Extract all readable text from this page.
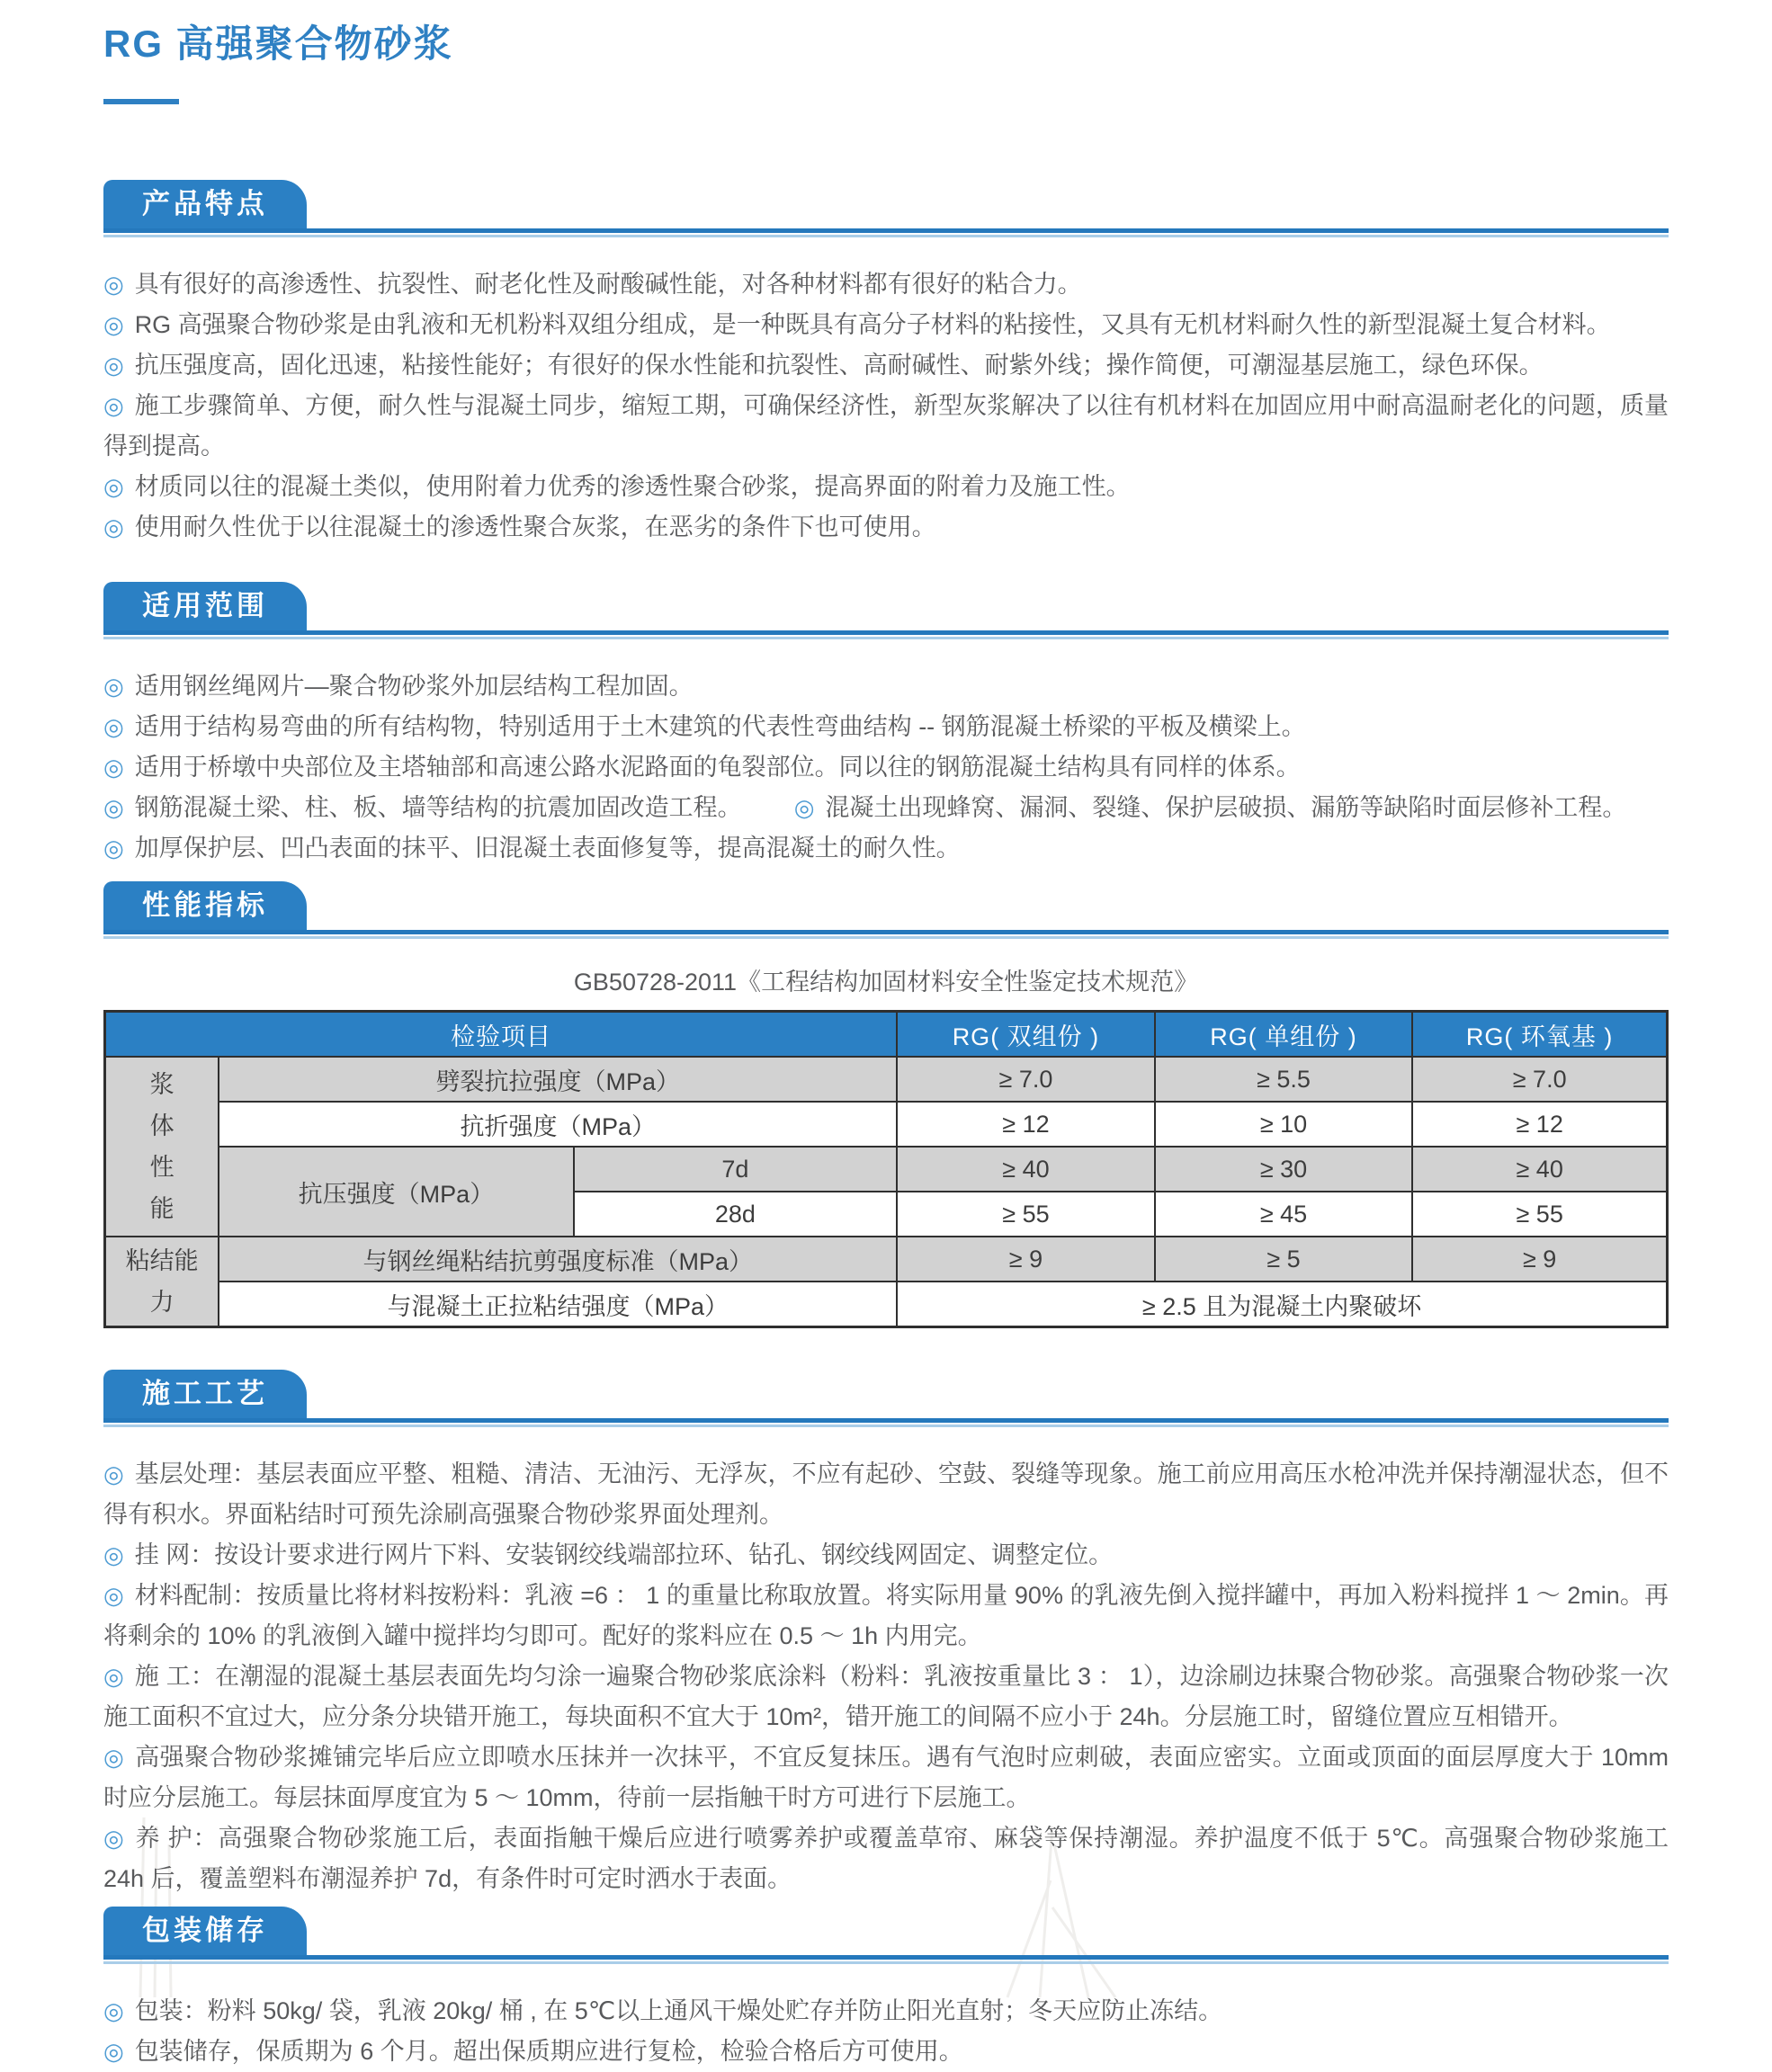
RG 高强聚合物砂浆
产品特点
◎ 具有很好的高渗透性、抗裂性、耐老化性及耐酸碱性能，对各种材料都有很好的粘合力。
◎ RG 高强聚合物砂浆是由乳液和无机粉料双组分组成，是一种既具有高分子材料的粘接性，又具有无机材料耐久性的新型混凝土复合材料。
◎ 抗压强度高，固化迅速，粘接性能好；有很好的保水性能和抗裂性、高耐碱性、耐紫外线；操作简便，可潮湿基层施工，绿色环保。
◎ 施工步骤简单、方便，耐久性与混凝土同步，缩短工期，可确保经济性，新型灰浆解决了以往有机材料在加固应用中耐高温耐老化的问题，质量得到提高。
◎ 材质同以往的混凝土类似，使用附着力优秀的渗透性聚合砂浆，提高界面的附着力及施工性。
◎ 使用耐久性优于以往混凝土的渗透性聚合灰浆，在恶劣的条件下也可使用。
适用范围
◎ 适用钢丝绳网片—聚合物砂浆外加层结构工程加固。
◎ 适用于结构易弯曲的所有结构物，特别适用于土木建筑的代表性弯曲结构 -- 钢筋混凝土桥梁的平板及横梁上。
◎ 适用于桥墩中央部位及主塔轴部和高速公路水泥路面的龟裂部位。同以往的钢筋混凝土结构具有同样的体系。
◎ 钢筋混凝土梁、柱、板、墙等结构的抗震加固改造工程。 ◎ 混凝土出现蜂窝、漏洞、裂缝、保护层破损、漏筋等缺陷时面层修补工程。
◎ 加厚保护层、凹凸表面的抹平、旧混凝土表面修复等，提高混凝土的耐久性。
性能指标
GB50728-2011《工程结构加固材料安全性鉴定技术规范》
检验项目			RG( 双组份 )	RG( 单组份 )	RG( 环氧基 )
浆体性能	劈裂抗拉强度（MPa）		≥ 7.0	≥ 5.5	≥ 7.0
	抗折强度（MPa）		≥ 12	≥ 10	≥ 12
	抗压强度（MPa）	7d	≥ 40	≥ 30	≥ 40
		28d	≥ 55	≥ 45	≥ 55
粘结能力	与钢丝绳粘结抗剪强度标准（MPa）		≥ 9	≥ 5	≥ 9
	与混凝土正拉粘结强度（MPa）		≥ 2.5 且为混凝土内聚破坏		
施工工艺
◎ 基层处理：基层表面应平整、粗糙、清洁、无油污、无浮灰，不应有起砂、空鼓、裂缝等现象。施工前应用高压水枪冲洗并保持潮湿状态，但不得有积水。界面粘结时可预先涂刷高强聚合物砂浆界面处理剂。
◎ 挂 网：按设计要求进行网片下料、安装钢绞线端部拉环、钻孔、钢绞线网固定、调整定位。
◎ 材料配制：按质量比将材料按粉料：乳液 =6 ： 1 的重量比称取放置。将实际用量 90% 的乳液先倒入搅拌罐中，再加入粉料搅拌 1 ～ 2min。再将剩余的 10% 的乳液倒入罐中搅拌均匀即可。配好的浆料应在 0.5 ～ 1h 内用完。
◎ 施 工：在潮湿的混凝土基层表面先均匀涂一遍聚合物砂浆底涂料（粉料：乳液按重量比 3 ： 1），边涂刷边抹聚合物砂浆。高强聚合物砂浆一次施工面积不宜过大，应分条分块错开施工，每块面积不宜大于 10m²，错开施工的间隔不应小于 24h。分层施工时，留缝位置应互相错开。
◎ 高强聚合物砂浆摊铺完毕后应立即喷水压抹并一次抹平，不宜反复抹压。遇有气泡时应刺破，表面应密实。立面或顶面的面层厚度大于 10mm 时应分层施工。每层抹面厚度宜为 5 ～ 10mm，待前一层指触干时方可进行下层施工。
◎ 养 护：高强聚合物砂浆施工后，表面指触干燥后应进行喷雾养护或覆盖草帘、麻袋等保持潮湿。养护温度不低于 5℃。高强聚合物砂浆施工 24h 后，覆盖塑料布潮湿养护 7d，有条件时可定时洒水于表面。
包装储存
◎ 包装：粉料 50kg/ 袋，乳液 20kg/ 桶 , 在 5℃以上通风干燥处贮存并防止阳光直射；冬天应防止冻结。
◎ 包装储存，保质期为 6 个月。超出保质期应进行复检，检验合格后方可使用。
